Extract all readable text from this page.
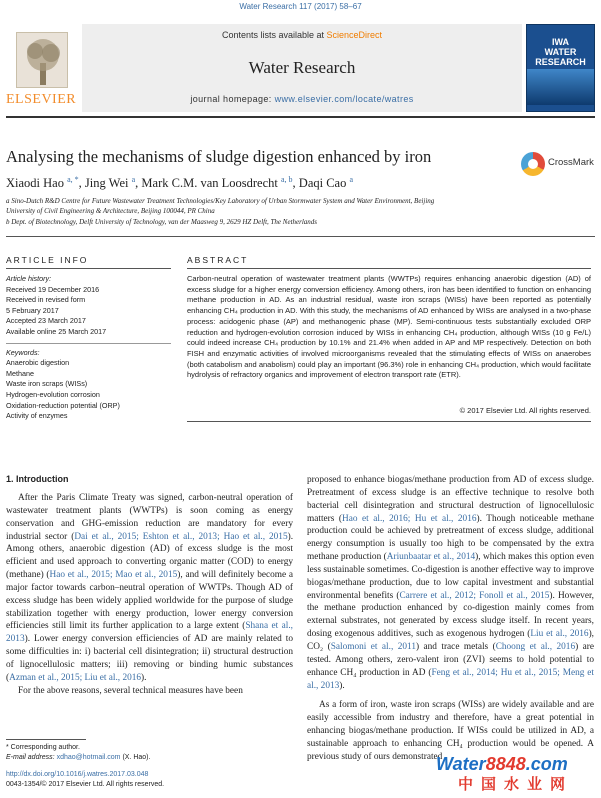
Water Research 117 (2017) 58–67
ELSEVIER
Contents lists available at ScienceDirect
Water Research
journal homepage: www.elsevier.com/locate/watres
IWA
WATER RESEARCH
Analysing the mechanisms of sludge digestion enhanced by iron	CrossMark
Xiaodi Hao $^{a, *}$, Jing Wei $^a$, Mark C.M. van Loosdrecht $^{a, b}$, Daqi Cao $^a$
a Sino-Dutch R&D Centre for Future Wastewater Treatment Technologies/Key Laboratory of Urban Stormwater System and Water Environment, Beijing
University of Civil Engineering & Architecture, Beijing 100044, PR China
b Dept. of Biotechnology, Delft University of Technology, van der Maasweg 9, 2629 HZ Delft, The Netherlands
ARTICLE INFO	ABSTRACT
Article history:
Received 19 December 2016
Received in revised form
5 February 2017
Accepted 23 March 2017
Available online 25 March 2017
Keywords:
Anaerobic digestion
Methane
Waste iron scraps (WISs)
Hydrogen-evolution corrosion
Oxidation-reduction potential (ORP)
Activity of enzymes
Carbon-neutral operation of wastewater treatment plants (WWTPs) requires enhancing anaerobic digestion (AD) of excess sludge for a higher energy conversion efficiency. Among others, iron has been identified to function on enhancing methane production in AD. As an industrial residual, waste iron scraps (WISs) have been reported as potentially enhancing CH₄ production in AD. With this study, the mechanisms of AD enhanced by WISs are analysed in a two-phase process: acidogenic phase (AP) and methanogenic phase (MP). Semi-continuous tests substantially excluded ORP reduction and hydrogen-evolution corrosion induced by WISs in enhancing CH₄ production, although WISs (10 g Fe/L) could indeed increase CH₄ production by 10.1% and 21.4% when added in AP and MP respectively. Detection on both FISH and enzymatic activities of involved microorganisms revealed that the stimulating effects of WISs on anaerobes (both catabolism and anabolism) could play an important (96.3%) role in enhancing CH₄ production, which would facilitate hydrolysis of refractory organics and improvement of electron transport rate (ETR).
© 2017 Elsevier Ltd. All rights reserved.
1. Introduction

After the Paris Climate Treaty was signed, carbon-neutral operation of wastewater treatment plants (WWTPs) is soon coming as energy conservation and GHG-emission reduction are mandatory for every industrial sector (Dai et al., 2015; Eshton et al., 2013; Hao et al., 2015). Among others, anaerobic digestion (AD) of excess sludge is the most efficient and used approach to converting organic matter (COD) to energy (methane) (Hao et al., 2015; Mao et al., 2015), and will definitely become a major factor towards carbon–neutral operation of WWTPs. Though AD of excess sludge has been widely applied worldwide for the purpose of sludge stabilization together with energy production, lower energy conversion efficiencies still limit its further application to a large extent (Shana et al., 2013). Lower energy conversion efficiencies of AD are mainly related to some difficulties in: i) bacterial cell disintegration; ii) structural destruction of lignocellulosic matters; iii) removing or binding humic substances (Azman et al., 2015; Liu et al., 2016).

For the above reasons, several technical measures have been

proposed to enhance biogas/methane production from AD of excess sludge. Pretreatment of excess sludge is an effective technique to resolve both bacterial cell disintegration and structural destruction of lignocellulosic matters (Hao et al., 2016; Hu et al., 2016). Though noticeable methane production could be achieved by pretreatment of excess sludge, additional energy consumption is usually too high to be compensated by the extra methane production (Ariunbaatar et al., 2014), which makes this option even less sustainable sometimes. Co-digestion is another effective way to improve biogas/methane production, due to low capital investment and substantial environmental benefits (Carrere et al., 2012; Fonoll et al., 2015). However, the methane production enhanced by co-digestion mainly comes from external substrates, not generated by excess sludge itself. In recent years, dosing exogenous additives, such as exogenous hydrogen (Liu et al., 2016), CO₂ (Salomoni et al., 2011) and trace metals (Choong et al., 2016) are tested. Among others, zero-valent iron (ZVI) seems to hold potential to enhance CH₄ production in AD (Feng et al., 2014; Hu et al., 2015; Meng et al., 2013).

As a form of iron, waste iron scraps (WISs) are widely available and are easily accessible from industry and therefore, have a great potential in enhancing biogas/methane production. If WISs could be utilized in AD, a sustainable approach to enhancing CH₄ production would be opened. A previous study of ours demonstrated

* Corresponding author.
E-mail address: xdhao@hotmail.com (X. Hao).
http://dx.doi.org/10.1016/j.watres.2017.03.048
0043-1354/© 2017 Elsevier Ltd. All rights reserved.
Water8848.com
中国水业网
